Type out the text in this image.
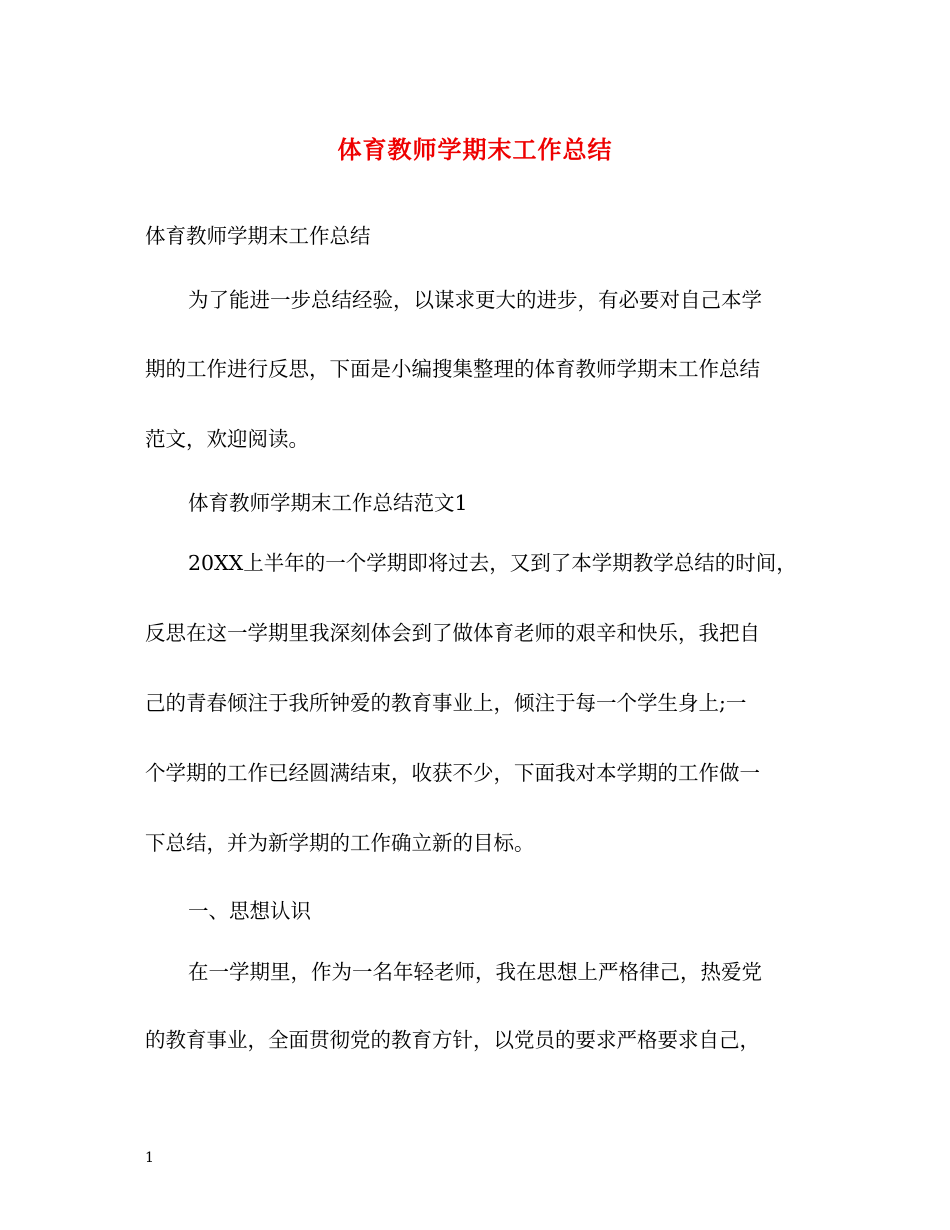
体育教师学期末工作总结
体育教师学期末工作总结
为了能进一步总结经验，以谋求更大的进步，有必要对自己本学
期的工作进行反思，下面是小编搜集整理的体育教师学期末工作总结
范文，欢迎阅读。
体育教师学期末工作总结范文1
20XX上半年的一个学期即将过去，又到了本学期教学总结的时间，
反思在这一学期里我深刻体会到了做体育老师的艰辛和快乐，我把自
己的青春倾注于我所钟爱的教育事业上，倾注于每一个学生身上;一
个学期的工作已经圆满结束，收获不少，下面我对本学期的工作做一
下总结，并为新学期的工作确立新的目标。
一、思想认识
在一学期里，作为一名年轻老师，我在思想上严格律己，热爱党
的教育事业，全面贯彻党的教育方针，以党员的要求严格要求自己，
1
